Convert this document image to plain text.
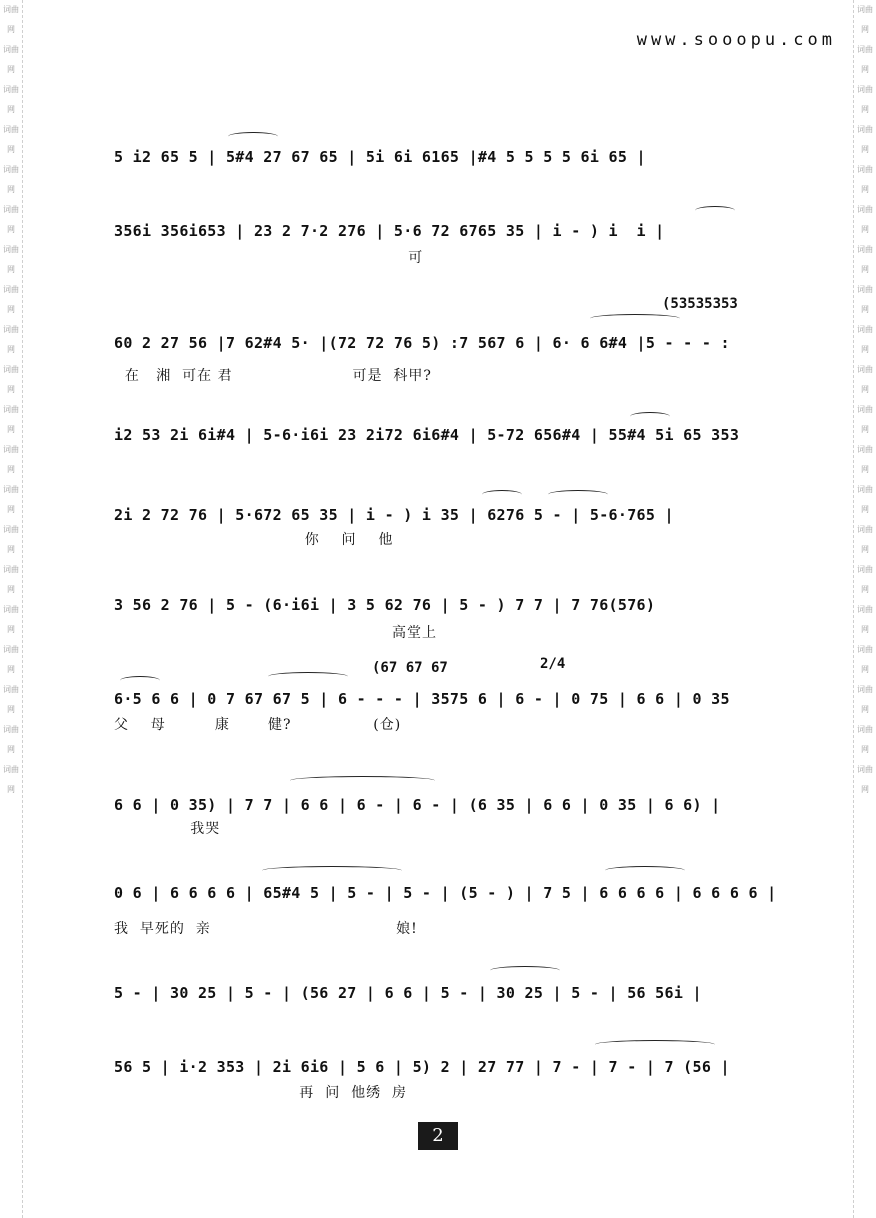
词曲网
词曲网
词曲网
词曲网
词曲网
词曲网
词曲网
词曲网
词曲网
词曲网
词曲网
词曲网
词曲网
词曲网
词曲网
词曲网
词曲网
词曲网
词曲网
词曲网
词曲网
词曲网
词曲网
词曲网
词曲网
词曲网
词曲网
词曲网
词曲网
词曲网
词曲网
词曲网
词曲网
词曲网
词曲网
词曲网
词曲网
词曲网
词曲网
词曲网
www.sooopu.com
5 i2 65 5 | 5#4 27 67 65 | 5i 6i 6165 |#4 5 5 5 5 6i 65 |
356i 356i653 | 23 2 7·2 276 | 5·6 72 6765 35 | i - ) i  i |
可
(53535353
60 2 27 56 |7 62#4 5· |(72 72 76 5) :7 567 6 | 6· 6 6#4 |5 - - - :
在   湘  可在 君                      可是  科甲?
i2 53 2i 6i#4 | 5-6·i6i 23 2i72 6i6#4 | 5-72 656#4 | 55#4 5i 65 353
2i 2 72 76 | 5·672 65 35 | i - ) i 35 | 6276 5 - | 5-6·765 |
你    问    他
3 56 2 76 | 5 - (6·i6i | 3 5 62 76 | 5 - ) 7 7 | 7 76(576)
高堂上
(67 67 67	2/4
6·5 6 6 | 0 7 67 67 5 | 6 - - - | 3575 6 | 6 - | 0 75 | 6 6 | 0 35
父    母         康       健?               (仓)
6 6 | 0 35) | 7 7 | 6 6 | 6 - | 6 - | (6 35 | 6 6 | 0 35 | 6 6) |
我哭
0 6 | 6 6 6 6 | 65#4 5 | 5 - | 5 - | (5 - ) | 7 5 | 6 6 6 6 | 6 6 6 6 |
我  早死的  亲                                  娘!
5 - | 30 25 | 5 - | (56 27 | 6 6 | 5 - | 30 25 | 5 - | 56 56i |
56 5 | i·2 353 | 2i 6i6 | 5 6 | 5) 2 | 27 77 | 7 - | 7 - | 7 (56 |
再  问  他绣  房
2
